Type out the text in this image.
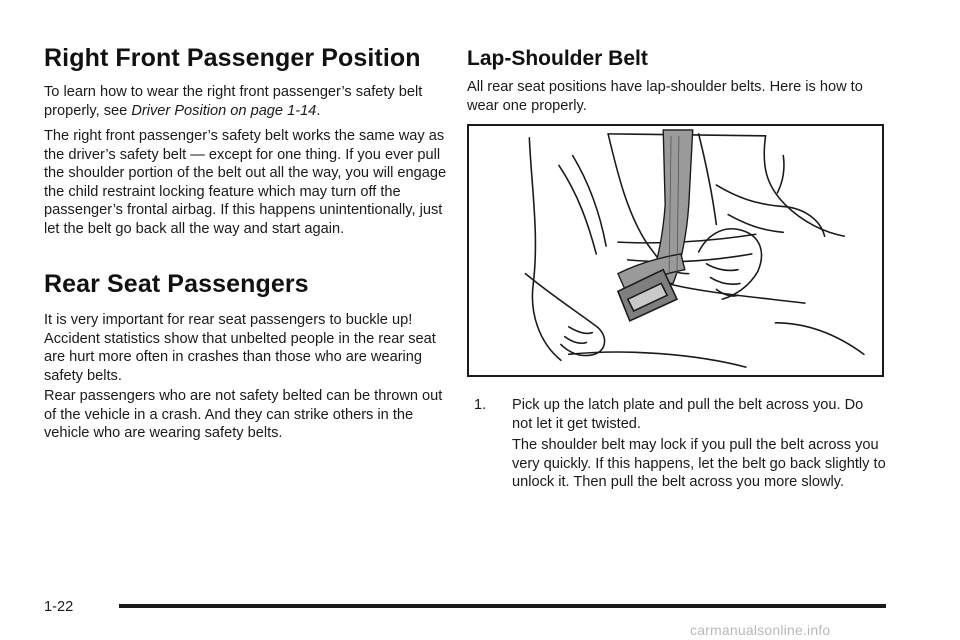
Right Front Passenger Position

To learn how to wear the right front passenger’s safety belt properly, see Driver Position on page 1-14.

The right front passenger’s safety belt works the same way as the driver’s safety belt — except for one thing. If you ever pull the shoulder portion of the belt out all the way, you will engage the child restraint locking feature which may turn off the passenger’s frontal airbag. If this happens unintentionally, just let the belt go back all the way and start again.

Rear Seat Passengers

It is very important for rear seat passengers to buckle up! Accident statistics show that unbelted people in the rear seat are hurt more often in crashes than those who are wearing safety belts.

Rear passengers who are not safety belted can be thrown out of the vehicle in a crash. And they can strike others in the vehicle who are wearing safety belts.

Lap-Shoulder Belt

All rear seat positions have lap-shoulder belts. Here is how to wear one properly.

1. Pick up the latch plate and pull the belt across you. Do not let it get twisted.

The shoulder belt may lock if you pull the belt across you very quickly. If this happens, let the belt go back slightly to unlock it. Then pull the belt across you more slowly.

1-22
carmanualsonline.info
